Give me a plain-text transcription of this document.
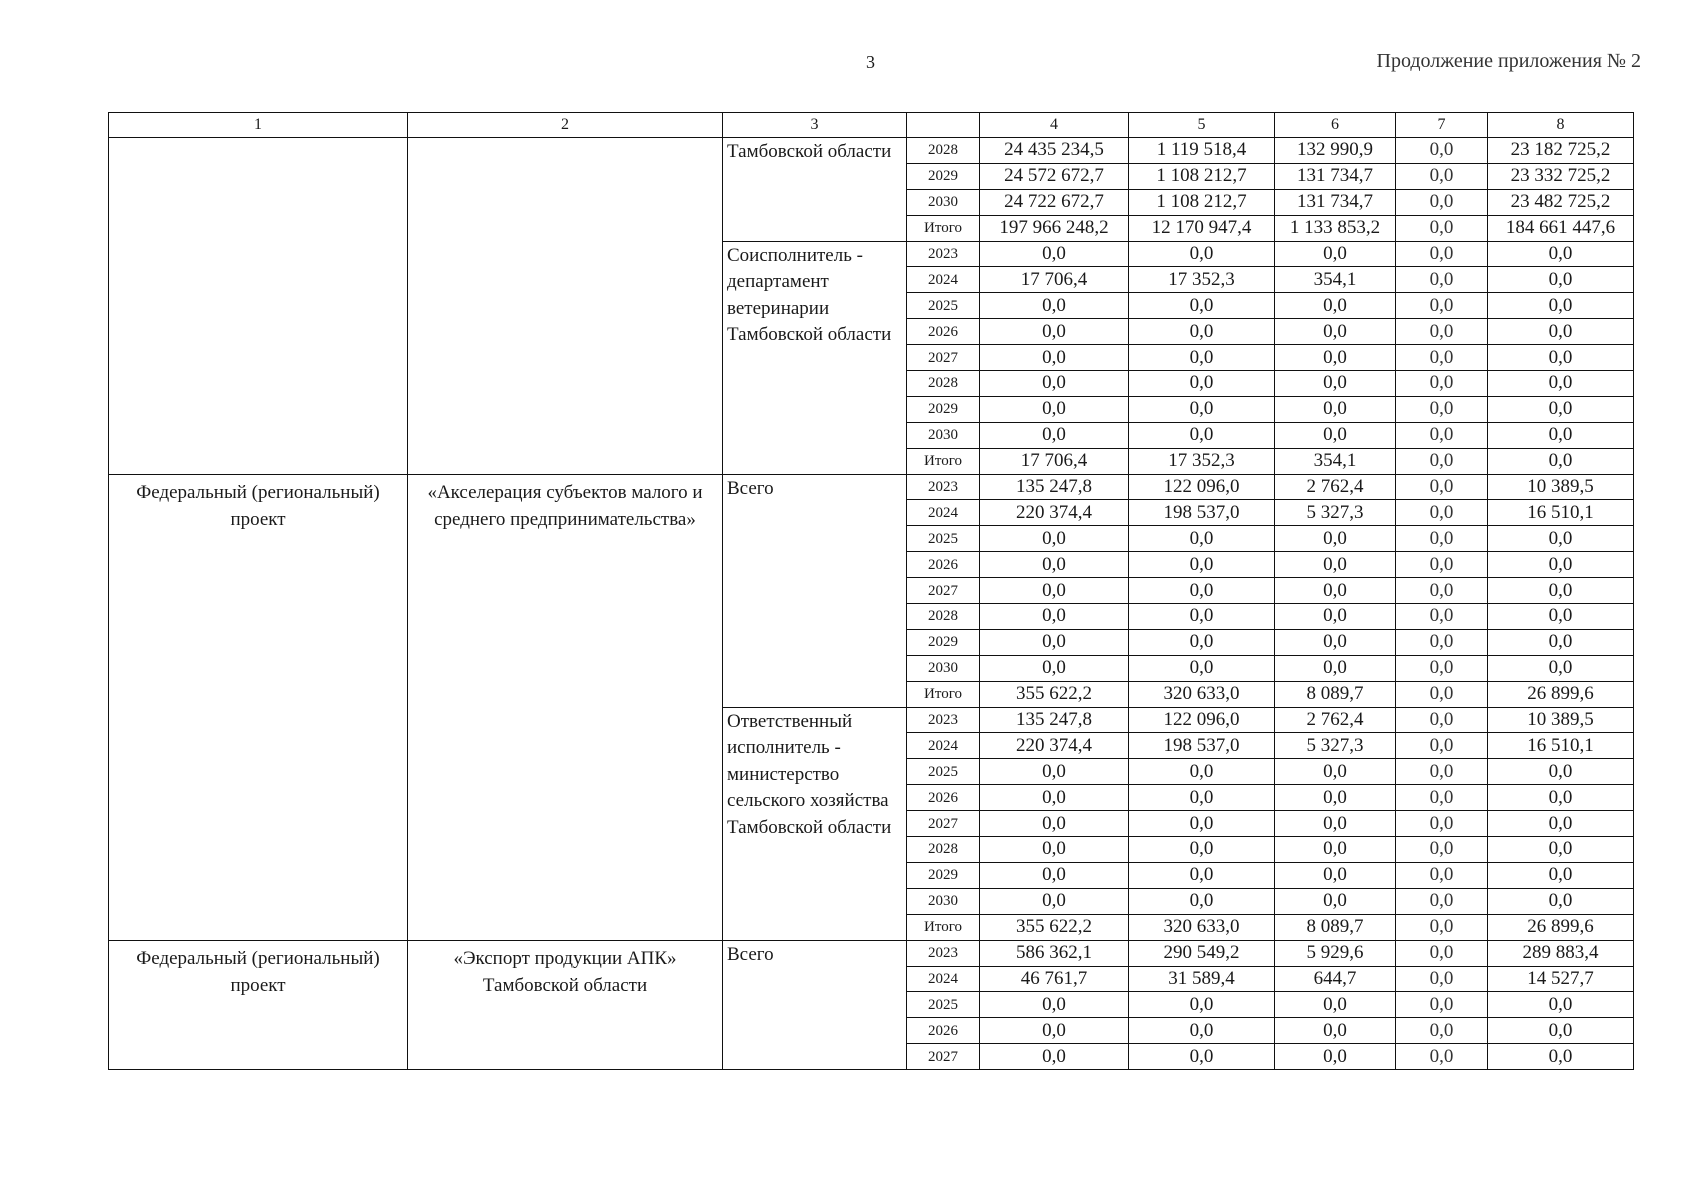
3	Продолжение приложения № 2
1	2	3		4	5	6	7	8
		Тамбовской области	2028	24 435 234,5	1 119 518,4	132 990,9	0,0	23 182 725,2
			2029	24 572 672,7	1 108 212,7	131 734,7	0,0	23 332 725,2
			2030	24 722 672,7	1 108 212,7	131 734,7	0,0	23 482 725,2
			Итого	197 966 248,2	12 170 947,4	1 133 853,2	0,0	184 661 447,6
		Соисполнитель - департамент ветеринарии Тамбовской области	2023	0,0	0,0	0,0	0,0	0,0
			2024	17 706,4	17 352,3	354,1	0,0	0,0
			2025	0,0	0,0	0,0	0,0	0,0
			2026	0,0	0,0	0,0	0,0	0,0
			2027	0,0	0,0	0,0	0,0	0,0
			2028	0,0	0,0	0,0	0,0	0,0
			2029	0,0	0,0	0,0	0,0	0,0
			2030	0,0	0,0	0,0	0,0	0,0
			Итого	17 706,4	17 352,3	354,1	0,0	0,0
Федеральный (региональный) проект	«Акселерация субъектов малого и среднего предпринимательства»	Всего	2023	135 247,8	122 096,0	2 762,4	0,0	10 389,5
			2024	220 374,4	198 537,0	5 327,3	0,0	16 510,1
			2025	0,0	0,0	0,0	0,0	0,0
			2026	0,0	0,0	0,0	0,0	0,0
			2027	0,0	0,0	0,0	0,0	0,0
			2028	0,0	0,0	0,0	0,0	0,0
			2029	0,0	0,0	0,0	0,0	0,0
			2030	0,0	0,0	0,0	0,0	0,0
			Итого	355 622,2	320 633,0	8 089,7	0,0	26 899,6
		Ответственный исполнитель - министерство сельского хозяйства Тамбовской области	2023	135 247,8	122 096,0	2 762,4	0,0	10 389,5
			2024	220 374,4	198 537,0	5 327,3	0,0	16 510,1
			2025	0,0	0,0	0,0	0,0	0,0
			2026	0,0	0,0	0,0	0,0	0,0
			2027	0,0	0,0	0,0	0,0	0,0
			2028	0,0	0,0	0,0	0,0	0,0
			2029	0,0	0,0	0,0	0,0	0,0
			2030	0,0	0,0	0,0	0,0	0,0
			Итого	355 622,2	320 633,0	8 089,7	0,0	26 899,6
Федеральный (региональный) проект	«Экспорт продукции АПК» Тамбовской области	Всего	2023	586 362,1	290 549,2	5 929,6	0,0	289 883,4
			2024	46 761,7	31 589,4	644,7	0,0	14 527,7
			2025	0,0	0,0	0,0	0,0	0,0
			2026	0,0	0,0	0,0	0,0	0,0
			2027	0,0	0,0	0,0	0,0	0,0
